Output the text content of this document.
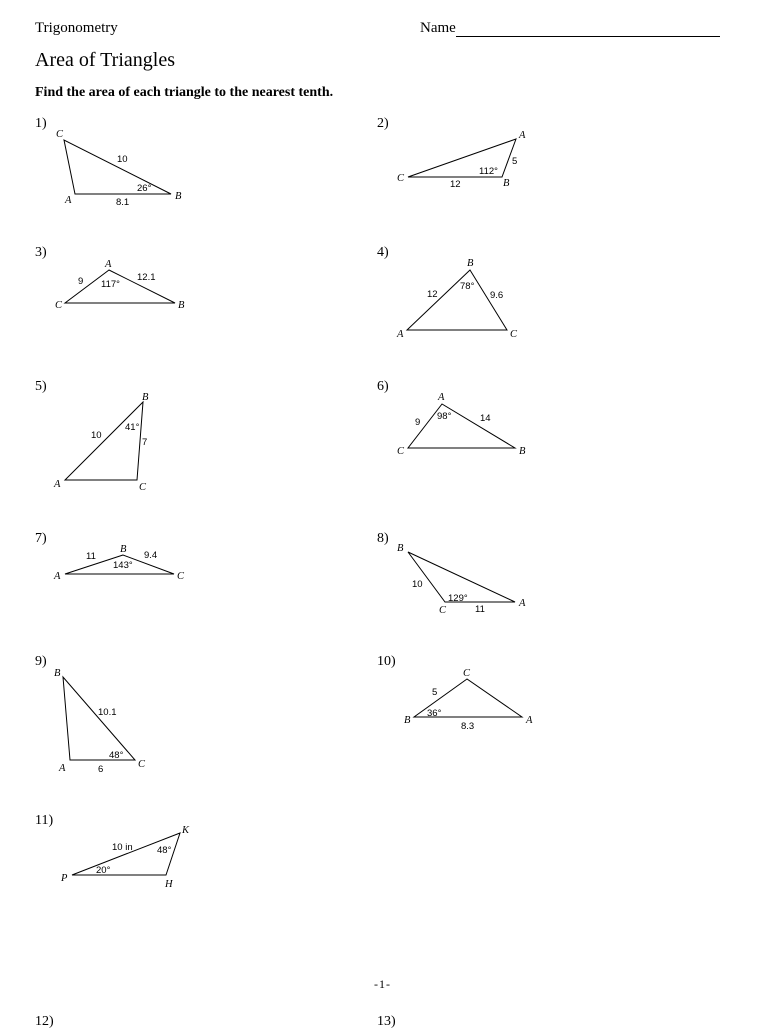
Trigonometry	Name
Area of Triangles
Find the area of each triangle to the nearest tenth.
1)	2)
3)	4)
5)	6)
7)	8)
9)	10)
11)
-1-
12)	13)
C
A	B
10
26°
8.1
A
C	B
5
112°
12
A
C	B
9	12.1
117°
B
A	C
12
78°
9.6
B
A	C
10
41°
7
A
C	B
9
98°	14
B
A	C
11	9.4
143°
B
C
A
10
129°
11
B
A	C
10.1
48°
6
C
B	A
5
36°
8.3
K
P
H
10 in	48°
20°
